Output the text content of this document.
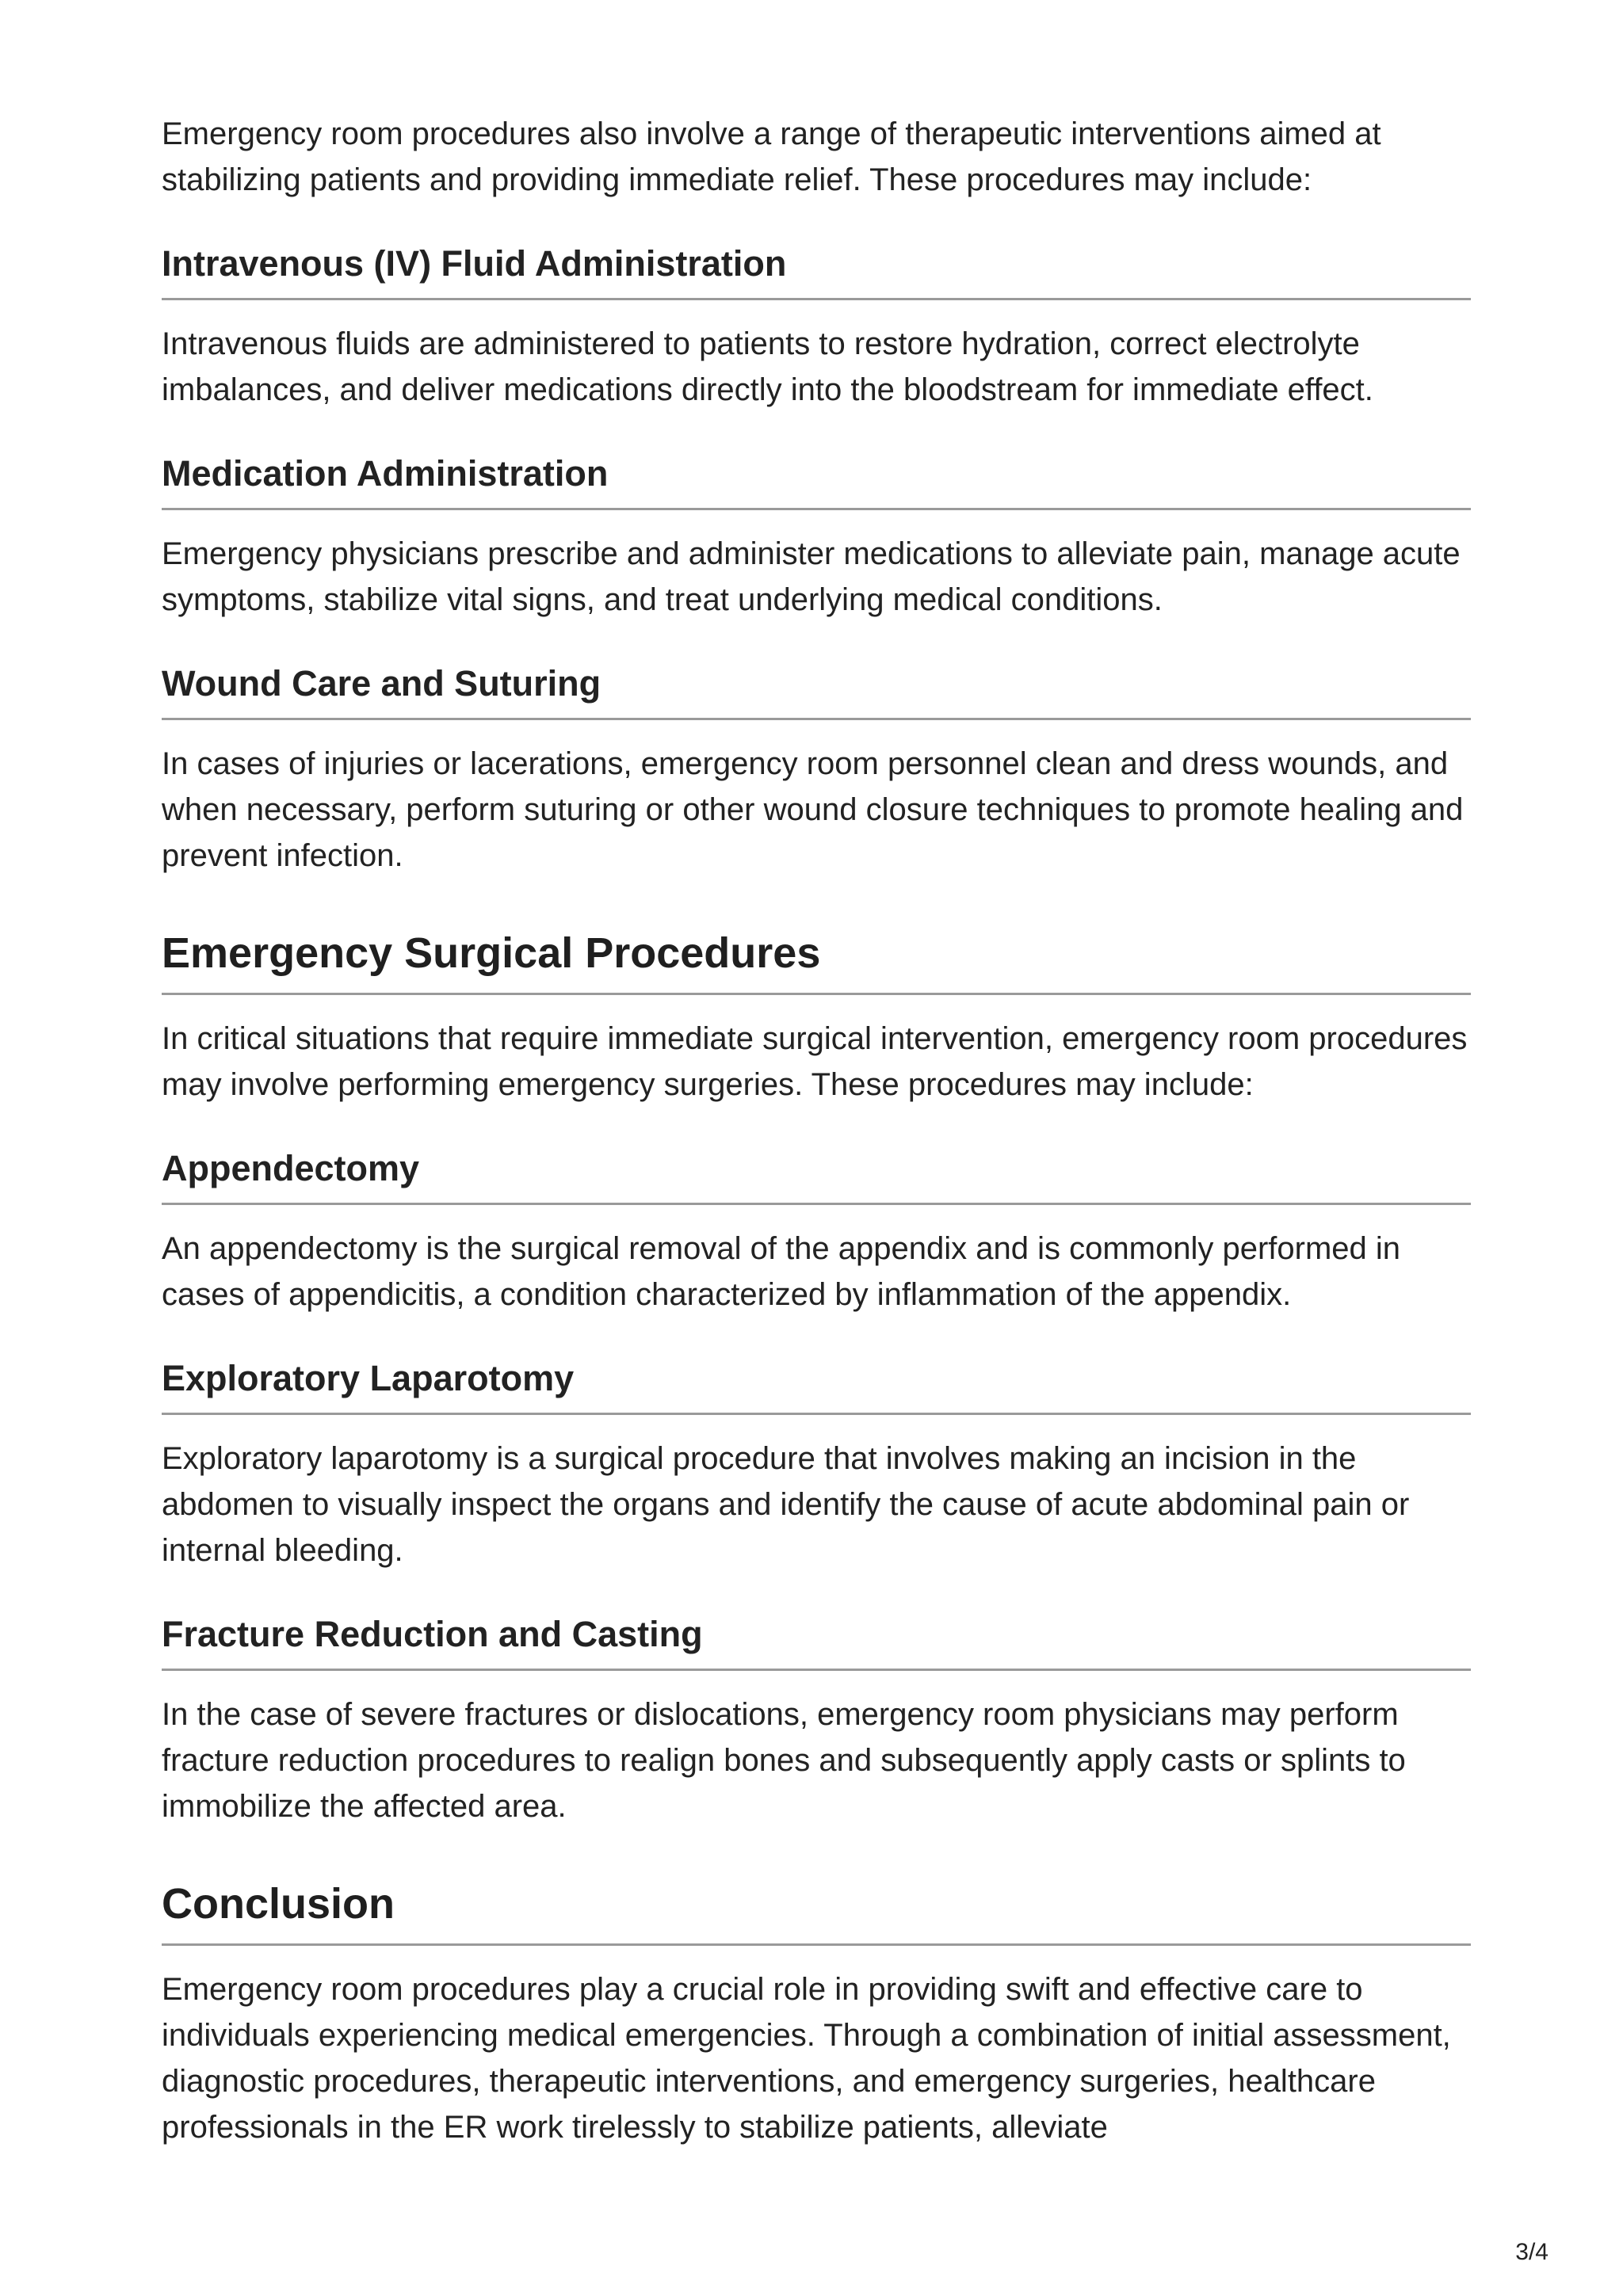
Emergency room procedures also involve a range of therapeutic interventions aimed at stabilizing patients and providing immediate relief. These procedures may include:

Intravenous (IV) Fluid Administration

Intravenous fluids are administered to patients to restore hydration, correct electrolyte imbalances, and deliver medications directly into the bloodstream for immediate effect.

Medication Administration

Emergency physicians prescribe and administer medications to alleviate pain, manage acute symptoms, stabilize vital signs, and treat underlying medical conditions.

Wound Care and Suturing

In cases of injuries or lacerations, emergency room personnel clean and dress wounds, and when necessary, perform suturing or other wound closure techniques to promote healing and prevent infection.

Emergency Surgical Procedures

In critical situations that require immediate surgical intervention, emergency room procedures may involve performing emergency surgeries. These procedures may include:

Appendectomy

An appendectomy is the surgical removal of the appendix and is commonly performed in cases of appendicitis, a condition characterized by inflammation of the appendix.

Exploratory Laparotomy

Exploratory laparotomy is a surgical procedure that involves making an incision in the abdomen to visually inspect the organs and identify the cause of acute abdominal pain or internal bleeding.

Fracture Reduction and Casting

In the case of severe fractures or dislocations, emergency room physicians may perform fracture reduction procedures to realign bones and subsequently apply casts or splints to immobilize the affected area.

Conclusion

Emergency room procedures play a crucial role in providing swift and effective care to individuals experiencing medical emergencies. Through a combination of initial assessment, diagnostic procedures, therapeutic interventions, and emergency surgeries, healthcare professionals in the ER work tirelessly to stabilize patients, alleviate

3/4
